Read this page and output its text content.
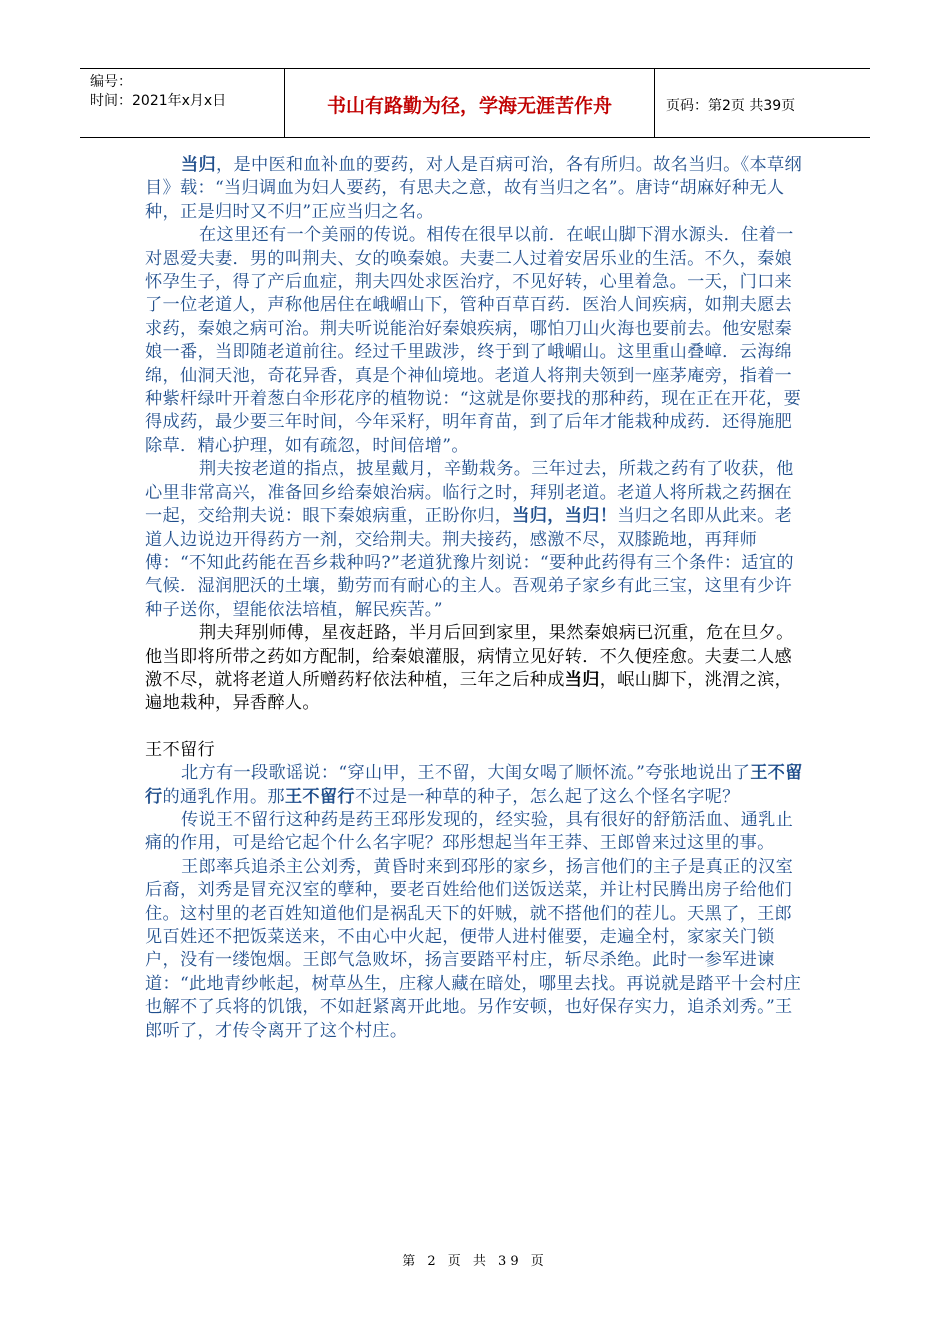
编号：
时间：2021年x月x日	书山有路勤为径，学海无涯苦作舟	页码：第2页 共39页

当归，是中医和血补血的要药，对人是百病可治，各有所归。故名当归。《本草纲目》载：“当归调血为妇人要药，有思夫之意，故有当归之名”。唐诗“胡麻好种无人种，正是归时又不归”正应当归之名。

在这里还有一个美丽的传说。相传在很早以前．在岷山脚下渭水源头．住着一对恩爱夫妻．男的叫荆夫、女的唤秦娘。夫妻二人过着安居乐业的生活。不久，秦娘怀孕生子，得了产后血症，荆夫四处求医治疗，不见好转，心里着急。一天，门口来了一位老道人，声称他居住在峨嵋山下，管种百草百药．医治人间疾病，如荆夫愿去求药，秦娘之病可治。荆夫听说能治好秦娘疾病，哪怕刀山火海也要前去。他安慰秦娘一番，当即随老道前往。经过千里跋涉，终于到了峨嵋山。这里重山叠嶂．云海绵绵，仙洞天池，奇花异香，真是个神仙境地。老道人将荆夫领到一座茅庵旁，指着一种紫杆绿叶开着葱白伞形花序的植物说：“这就是你要找的那种药，现在正在开花，要得成药，最少要三年时间，今年采籽，明年育苗，到了后年才能栽种成药．还得施肥除草．精心护理，如有疏忽，时间倍增”。

荆夫按老道的指点，披星戴月，辛勤栽务。三年过去，所栽之药有了收获，他心里非常高兴，准备回乡给秦娘治病。临行之时，拜别老道。老道人将所栽之药捆在一起，交给荆夫说：眼下秦娘病重，正盼你归，当归，当归！当归之名即从此来。老道人边说边开得药方一剂，交给荆夫。荆夫接药，感激不尽，双膝跪地，再拜师傅：“不知此药能在吾乡栽种吗?”老道犹豫片刻说：“要种此药得有三个条件：适宜的气候．湿润肥沃的土壤，勤劳而有耐心的主人。吾观弟子家乡有此三宝，这里有少许种子送你，望能依法培植，解民疾苦。”

荆夫拜别师傅，星夜赶路，半月后回到家里，果然秦娘病已沉重，危在旦夕。他当即将所带之药如方配制，给秦娘灌服，病情立见好转．不久便痊愈。夫妻二人感激不尽，就将老道人所赠药籽依法种植，三年之后种成当归，岷山脚下，洮渭之滨，遍地栽种，异香醉人。

王不留行

北方有一段歌谣说：“穿山甲，王不留，大闺女喝了顺怀流。”夸张地说出了王不留行的通乳作用。那王不留行不过是一种草的种子，怎么起了这么个怪名字呢？

传说王不留行这种药是药王邳彤发现的，经实验，具有很好的舒筋活血、通乳止痛的作用，可是给它起个什么名字呢？邳彤想起当年王莽、王郎曾来过这里的事。

王郎率兵追杀主公刘秀，黄昏时来到邳彤的家乡，扬言他们的主子是真正的汉室后裔，刘秀是冒充汉室的孽种，要老百姓给他们送饭送菜，并让村民腾出房子给他们住。这村里的老百姓知道他们是祸乱天下的奸贼，就不搭他们的茬儿。天黑了，王郎见百姓还不把饭菜送来，不由心中火起，便带人进村催要，走遍全村，家家关门锁户，没有一缕饱烟。王郎气急败坏，扬言要踏平村庄，斩尽杀绝。此时一参军进谏道：“此地青纱帐起，树草丛生，庄稼人藏在暗处，哪里去找。再说就是踏平十会村庄也解不了兵将的饥饿，不如赶紧离开此地。另作安顿，也好保存实力，追杀刘秀。”王郎听了，才传令离开了这个村庄。

第 2 页 共 39 页
